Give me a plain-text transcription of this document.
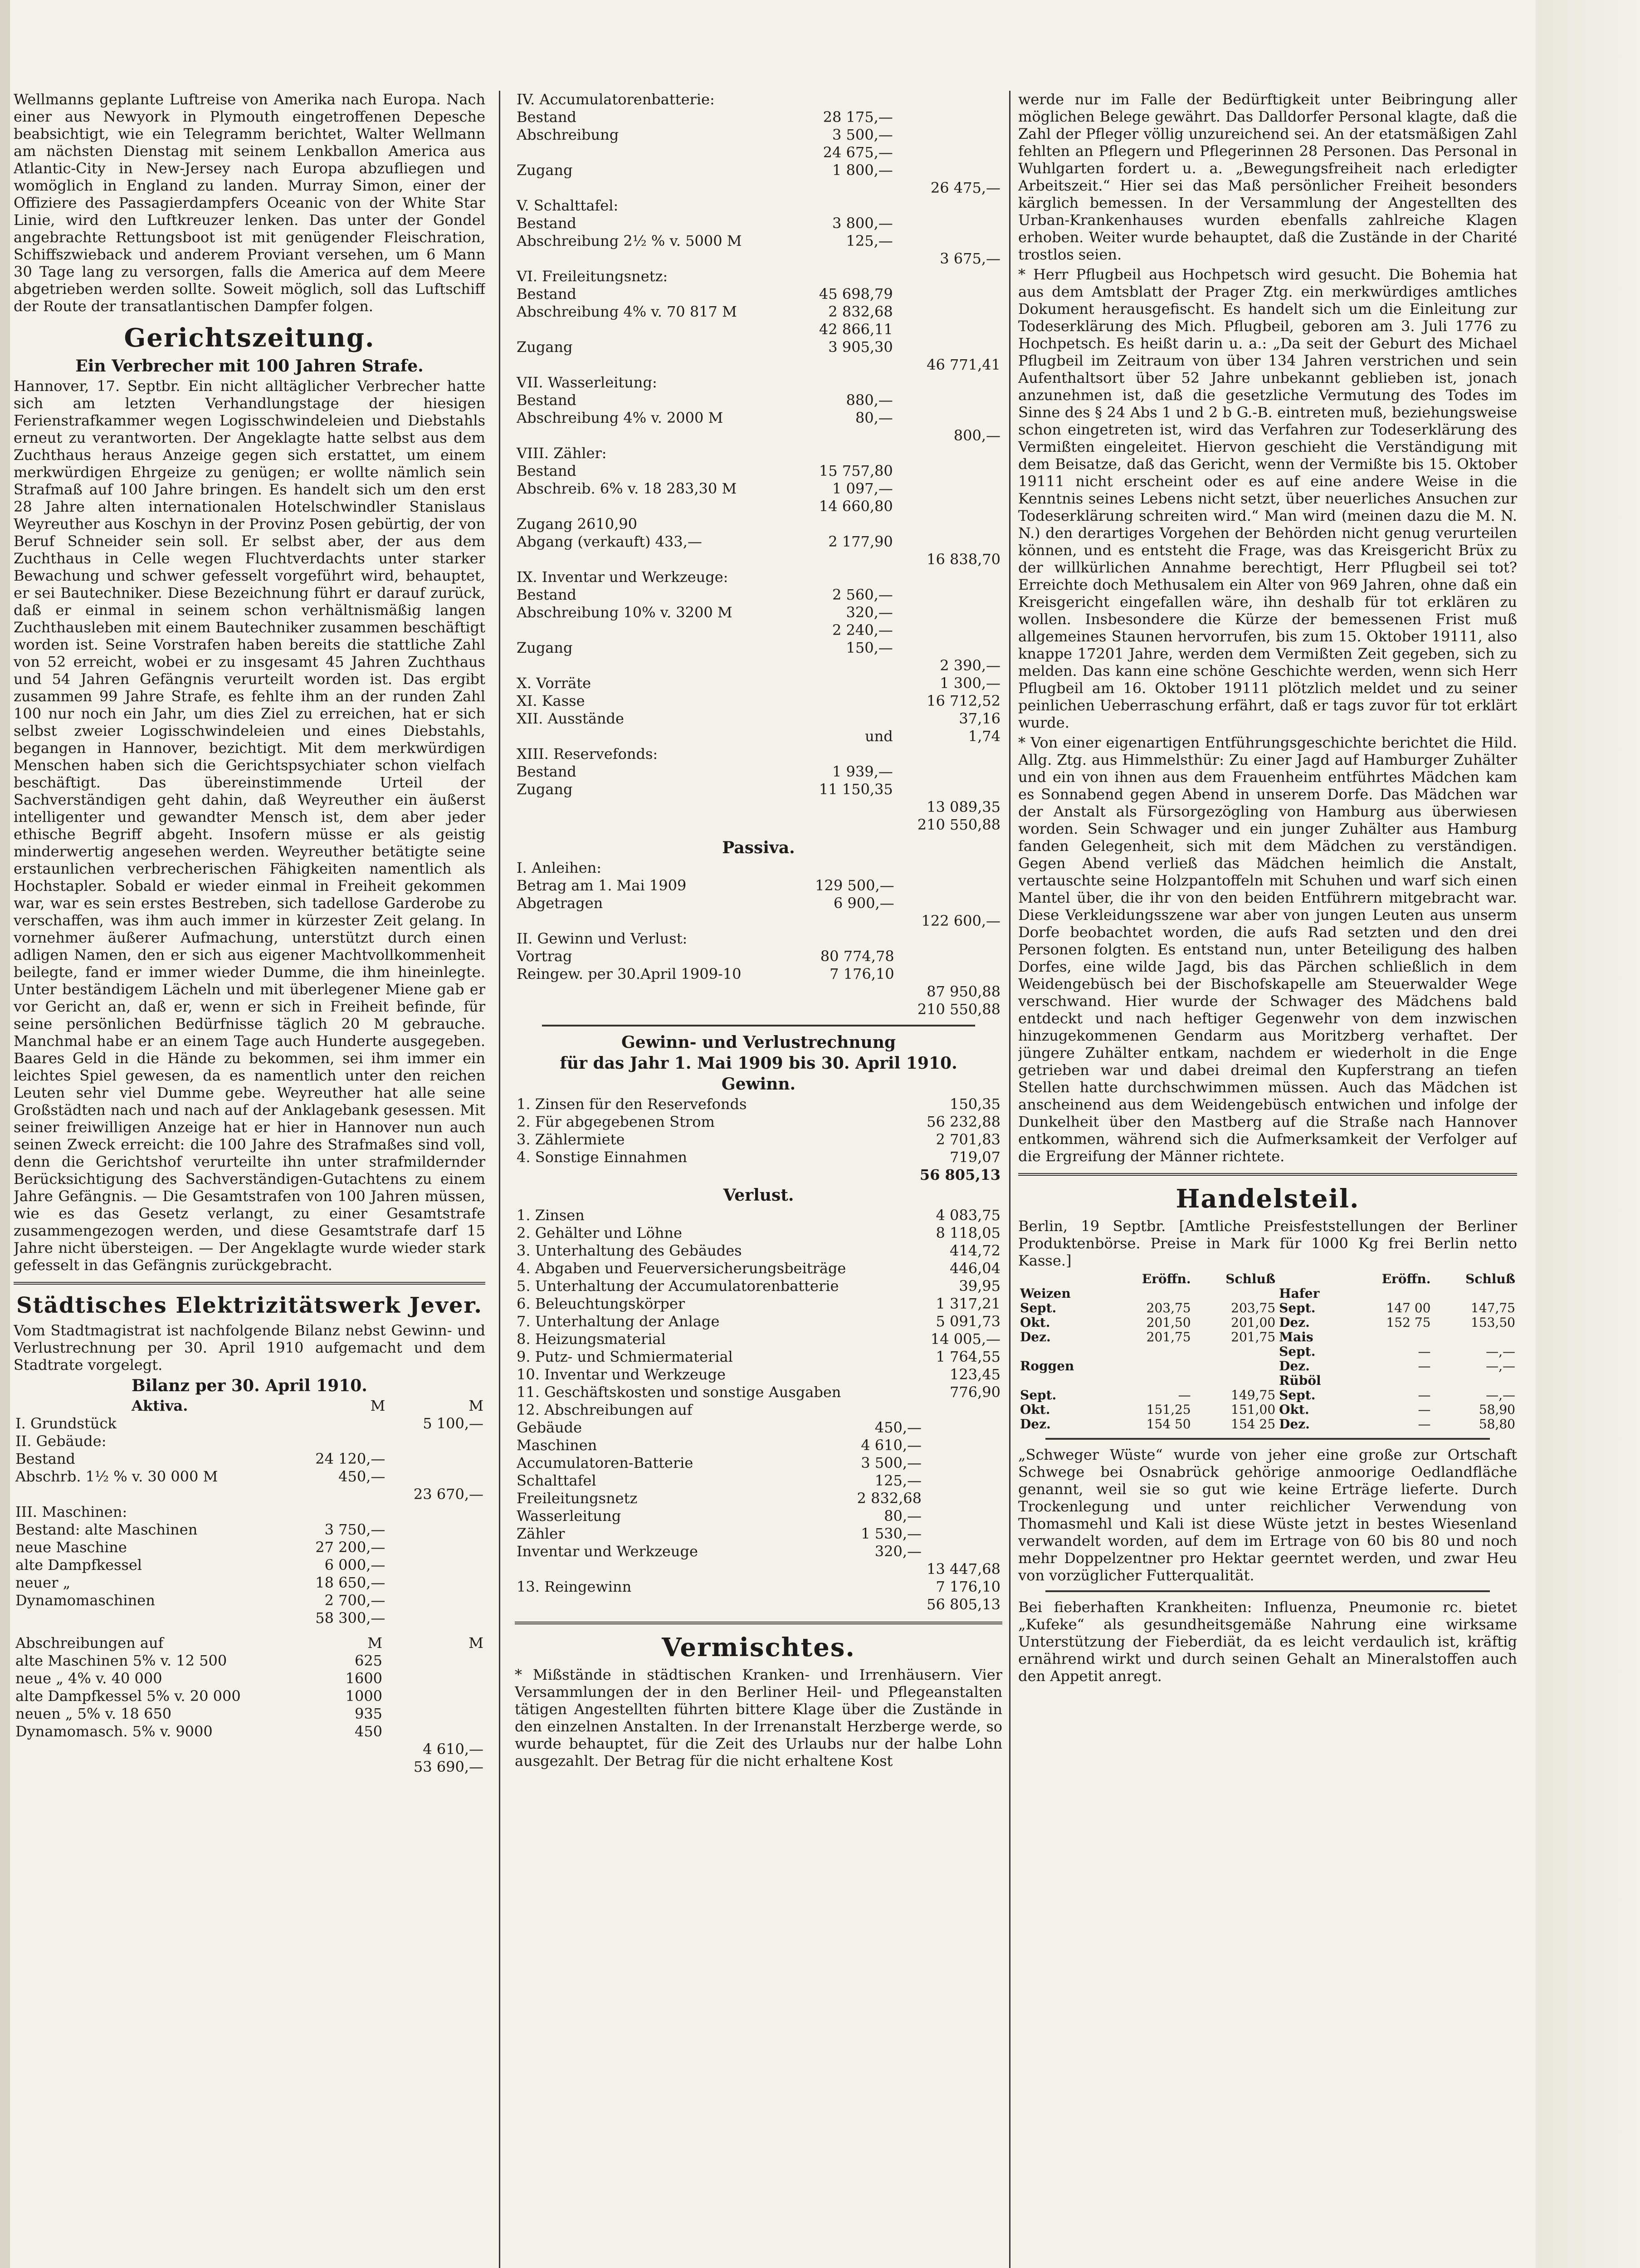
Wellmanns geplante Luftreise von Amerika nach Europa. Nach einer aus Newyork in Plymouth eingetroffenen Depesche beabsichtigt, wie ein Telegramm berichtet, Walter Wellmann am nächsten Dienstag mit seinem Lenkballon America aus Atlantic-City in New-Jersey nach Europa abzufliegen und womöglich in England zu landen. Murray Simon, einer der Offiziere des Passagierdampfers Oceanic von der White Star Linie, wird den Luftkreuzer lenken. Das unter der Gondel angebrachte Rettungsboot ist mit genügender Fleischration, Schiffszwieback und anderem Proviant versehen, um 6 Mann 30 Tage lang zu versorgen, falls die America auf dem Meere abgetrieben werden sollte. Soweit möglich, soll das Luftschiff der Route der transatlantischen Dampfer folgen.

Gerichtszeitung.
Ein Verbrecher mit 100 Jahren Strafe.

Hannover, 17. Septbr. Ein nicht alltäglicher Verbrecher hatte sich am letzten Verhandlungstage der hiesigen Ferienstrafkammer wegen Logisschwindeleien und Diebstahls erneut zu verantworten. Der Angeklagte hatte selbst aus dem Zuchthaus heraus Anzeige gegen sich erstattet, um einem merkwürdigen Ehrgeize zu genügen; er wollte nämlich sein Strafmaß auf 100 Jahre bringen. Es handelt sich um den erst 28 Jahre alten internationalen Hotelschwindler Stanislaus Weyreuther aus Koschyn in der Provinz Posen gebürtig, der von Beruf Schneider sein soll. Er selbst aber, der aus dem Zuchthaus in Celle wegen Fluchtverdachts unter starker Bewachung und schwer gefesselt vorgeführt wird, behauptet, er sei Bautechniker. Diese Bezeichnung führt er darauf zurück, daß er einmal in seinem schon verhältnismäßig langen Zuchthausleben mit einem Bautechniker zusammen beschäftigt worden ist. Seine Vorstrafen haben bereits die stattliche Zahl von 52 erreicht, wobei er zu insgesamt 45 Jahren Zuchthaus und 54 Jahren Gefängnis verurteilt worden ist. Das ergibt zusammen 99 Jahre Strafe, es fehlte ihm an der runden Zahl 100 nur noch ein Jahr, um dies Ziel zu erreichen, hat er sich selbst zweier Logisschwindeleien und eines Diebstahls, begangen in Hannover, bezichtigt. Mit dem merkwürdigen Menschen haben sich die Gerichtspsychiater schon vielfach beschäftigt. Das übereinstimmende Urteil der Sachverständigen geht dahin, daß Weyreuther ein äußerst intelligenter und gewandter Mensch ist, dem aber jeder ethische Begriff abgeht. Insofern müsse er als geistig minderwertig angesehen werden. Weyreuther betätigte seine erstaunlichen verbrecherischen Fähigkeiten namentlich als Hochstapler. Sobald er wieder einmal in Freiheit gekommen war, war es sein erstes Bestreben, sich tadellose Garderobe zu verschaffen, was ihm auch immer in kürzester Zeit gelang. In vornehmer äußerer Aufmachung, unterstützt durch einen adligen Namen, den er sich aus eigener Machtvollkommenheit beilegte, fand er immer wieder Dumme, die ihm hineinlegte. Unter beständigem Lächeln und mit überlegener Miene gab er vor Gericht an, daß er, wenn er sich in Freiheit befinde, für seine persönlichen Bedürfnisse täglich 20 M gebrauche. Manchmal habe er an einem Tage auch Hunderte ausgegeben. Baares Geld in die Hände zu bekommen, sei ihm immer ein leichtes Spiel gewesen, da es namentlich unter den reichen Leuten sehr viel Dumme gebe. Weyreuther hat alle seine Großstädten nach und nach auf der Anklagebank gesessen. Mit seiner freiwilligen Anzeige hat er hier in Hannover nun auch seinen Zweck erreicht: die 100 Jahre des Strafmaßes sind voll, denn die Gerichtshof verurteilte ihn unter strafmildernder Berücksichtigung des Sachverständigen-Gutachtens zu einem Jahre Gefängnis. — Die Gesamtstrafen von 100 Jahren müssen, wie es das Gesetz verlangt, zu einer Gesamtstrafe zusammengezogen werden, und diese Gesamtstrafe darf 15 Jahre nicht übersteigen. — Der Angeklagte wurde wieder stark gefesselt in das Gefängnis zurückgebracht.

Städtisches Elektrizitätswerk Jever.

Vom Stadtmagistrat ist nachfolgende Bilanz nebst Gewinn- und Verlustrechnung per 30. April 1910 aufgemacht und dem Stadtrate vorgelegt.

Bilanz per 30. April 1910.
Aktiva.	M	M
I. Grundstück		5 100,—
II. Gebäude:		
Bestand	24 120,—	
Abschrb. 1½ % v. 30 000 M	450,—	
		23 670,—
III. Maschinen:		
Bestand: alte Maschinen	3 750,—	
neue Maschine	27 200,—	
alte Dampfkessel	6 000,—	
neuer „	18 650,—	
Dynamomaschinen	2 700,—	
	58 300,—	
Abschreibungen auf	M	M
alte Maschinen 5% v. 12 500	625	
neue „ 4% v. 40 000	1600	
alte Dampfkessel 5% v. 20 000	1000	
neuen „ 5% v. 18 650	935	
Dynamomasch. 5% v. 9000	450	
		4 610,—
		53 690,—
IV. Accumulatorenbatterie:		
Bestand	28 175,—	
Abschreibung	3 500,—	
	24 675,—	
Zugang	1 800,—	
		26 475,—
V. Schalttafel:		
Bestand	3 800,—	
Abschreibung 2½ % v. 5000 M	125,—	
		3 675,—
VI. Freileitungsnetz:		
Bestand	45 698,79	
Abschreibung 4% v. 70 817 M	2 832,68	
	42 866,11	
Zugang	3 905,30	
		46 771,41
VII. Wasserleitung:		
Bestand	880,—	
Abschreibung 4% v. 2000 M	80,—	
		800,—
VIII. Zähler:		
Bestand	15 757,80	
Abschreib. 6% v. 18 283,30 M	1 097,—	
	14 660,80	
Zugang 2610,90		
Abgang (verkauft) 433,—	2 177,90	
		16 838,70
IX. Inventar und Werkzeuge:		
Bestand	2 560,—	
Abschreibung 10% v. 3200 M	320,—	
	2 240,—	
Zugang	150,—	
		2 390,—
X. Vorräte		1 300,—
XI. Kasse		16 712,52
XII. Ausstände		37,16
	und	1,74
XIII. Reservefonds:		
Bestand	1 939,—	
Zugang	11 150,35	
		13 089,35
		210 550,88
Passiva.
I. Anleihen:		
Betrag am 1. Mai 1909	129 500,—	
Abgetragen	6 900,—	
		122 600,—
II. Gewinn und Verlust:		
Vortrag	80 774,78	
Reingew. per 30.April 1909-10	7 176,10	
		87 950,88
		210 550,88
Gewinn- und Verlustrechnung
für das Jahr 1. Mai 1909 bis 30. April 1910.
Gewinn.
1. Zinsen für den Reservefonds	150,35
2. Für abgegebenen Strom	56 232,88
3. Zählermiete	2 701,83
4. Sonstige Einnahmen	719,07
	56 805,13
Verlust.
1. Zinsen		4 083,75
2. Gehälter und Löhne		8 118,05
3. Unterhaltung des Gebäudes		414,72
4. Abgaben und Feuerversicherungsbeiträge		446,04
5. Unterhaltung der Accumulatorenbatterie		39,95
6. Beleuchtungskörper		1 317,21
7. Unterhaltung der Anlage		5 091,73
8. Heizungsmaterial		14 005,—
9. Putz- und Schmiermaterial		1 764,55
10. Inventar und Werkzeuge		123,45
11. Geschäftskosten und sonstige Ausgaben		776,90
12. Abschreibungen auf		
Gebäude	450,—	
Maschinen	4 610,—	
Accumulatoren-Batterie	3 500,—	
Schalttafel	125,—	
Freileitungsnetz	2 832,68	
Wasserleitung	80,—	
Zähler	1 530,—	
Inventar und Werkzeuge	320,—	
		13 447,68
13. Reingewinn		7 176,10
		56 805,13
Vermischtes.

* Mißstände in städtischen Kranken- und Irrenhäusern. Vier Versammlungen der in den Berliner Heil- und Pflegeanstalten tätigen Angestellten führten bittere Klage über die Zustände in den einzelnen Anstalten. In der Irrenanstalt Herzberge werde, so wurde behauptet, für die Zeit des Urlaubs nur der halbe Lohn ausgezahlt. Der Betrag für die nicht erhaltene Kost

werde nur im Falle der Bedürftigkeit unter Beibringung aller möglichen Belege gewährt. Das Dalldorfer Personal klagte, daß die Zahl der Pfleger völlig unzureichend sei. An der etatsmäßigen Zahl fehlten an Pflegern und Pflegerinnen 28 Personen. Das Personal in Wuhlgarten fordert u. a. „Bewegungsfreiheit nach erledigter Arbeitszeit.“ Hier sei das Maß persönlicher Freiheit besonders kärglich bemessen. In der Versammlung der Angestellten des Urban-Krankenhauses wurden ebenfalls zahlreiche Klagen erhoben. Weiter wurde behauptet, daß die Zustände in der Charité trostlos seien.

* Herr Pflugbeil aus Hochpetsch wird gesucht. Die Bohemia hat aus dem Amtsblatt der Prager Ztg. ein merkwürdiges amtliches Dokument herausgefischt. Es handelt sich um die Einleitung zur Todeserklärung des Mich. Pflugbeil, geboren am 3. Juli 1776 zu Hochpetsch. Es heißt darin u. a.: „Da seit der Geburt des Michael Pflugbeil im Zeitraum von über 134 Jahren verstrichen und sein Aufenthaltsort über 52 Jahre unbekannt geblieben ist, jonach anzunehmen ist, daß die gesetzliche Vermutung des Todes im Sinne des § 24 Abs 1 und 2 b G.-B. eintreten muß, beziehungsweise schon eingetreten ist, wird das Verfahren zur Todeserklärung des Vermißten eingeleitet. Hiervon geschieht die Verständigung mit dem Beisatze, daß das Gericht, wenn der Vermißte bis 15. Oktober 19111 nicht erscheint oder es auf eine andere Weise in die Kenntnis seines Lebens nicht setzt, über neuerliches Ansuchen zur Todeserklärung schreiten wird.“ Man wird (meinen dazu die M. N. N.) den derartiges Vorgehen der Behörden nicht genug verurteilen können, und es entsteht die Frage, was das Kreisgericht Brüx zu der willkürlichen Annahme berechtigt, Herr Pflugbeil sei tot? Erreichte doch Methusalem ein Alter von 969 Jahren, ohne daß ein Kreisgericht eingefallen wäre, ihn deshalb für tot erklären zu wollen. Insbesondere die Kürze der bemessenen Frist muß allgemeines Staunen hervorrufen, bis zum 15. Oktober 19111, also knappe 17201 Jahre, werden dem Vermißten Zeit gegeben, sich zu melden. Das kann eine schöne Geschichte werden, wenn sich Herr Pflugbeil am 16. Oktober 19111 plötzlich meldet und zu seiner peinlichen Ueberraschung erfährt, daß er tags zuvor für tot erklärt wurde.

* Von einer eigenartigen Entführungsgeschichte berichtet die Hild. Allg. Ztg. aus Himmelsthür: Zu einer Jagd auf Hamburger Zuhälter und ein von ihnen aus dem Frauenheim entführtes Mädchen kam es Sonnabend gegen Abend in unserem Dorfe. Das Mädchen war der Anstalt als Fürsorgezögling von Hamburg aus überwiesen worden. Sein Schwager und ein junger Zuhälter aus Hamburg fanden Gelegenheit, sich mit dem Mädchen zu verständigen. Gegen Abend verließ das Mädchen heimlich die Anstalt, vertauschte seine Holzpantoffeln mit Schuhen und warf sich einen Mantel über, die ihr von den beiden Entführern mitgebracht war. Diese Verkleidungsszene war aber von jungen Leuten aus unserm Dorfe beobachtet worden, die aufs Rad setzten und den drei Personen folgten. Es entstand nun, unter Beteiligung des halben Dorfes, eine wilde Jagd, bis das Pärchen schließlich in dem Weidengebüsch bei der Bischofskapelle am Steuerwalder Wege verschwand. Hier wurde der Schwager des Mädchens bald entdeckt und nach heftiger Gegenwehr von dem inzwischen hinzugekommenen Gendarm aus Moritzberg verhaftet. Der jüngere Zuhälter entkam, nachdem er wiederholt in die Enge getrieben war und dabei dreimal den Kupferstrang an tiefen Stellen hatte durchschwimmen müssen. Auch das Mädchen ist anscheinend aus dem Weidengebüsch entwichen und infolge der Dunkelheit über den Mastberg auf die Straße nach Hannover entkommen, während sich die Aufmerksamkeit der Verfolger auf die Ergreifung der Männer richtete.

Handelsteil.

Berlin, 19 Septbr. [Amtliche Preisfeststellungen der Berliner Produktenbörse. Preise in Mark für 1000 Kg frei Berlin netto Kasse.]

	Eröffn.	Schluß		Eröffn.	Schluß
Weizen			Hafer		
Sept.	203,75	203,75	Sept.	147 00	147,75
Okt.	201,50	201,00	Dez.	152 75	153,50
Dez.	201,75	201,75	Mais		
			Sept.	—	—,—
Roggen			Dez.	—	—,—
			Rüböl		
Sept.	—	149,75	Sept.	—	—,—
Okt.	151,25	151,00	Okt.	—	58,90
Dez.	154 50	154 25	Dez.	—	58,80

„Schweger Wüste“ wurde von jeher eine große zur Ortschaft Schwege bei Osnabrück gehörige anmoorige Oedlandfläche genannt, weil sie so gut wie keine Erträge lieferte. Durch Trockenlegung und unter reichlicher Verwendung von Thomasmehl und Kali ist diese Wüste jetzt in bestes Wiesenland verwandelt worden, auf dem im Ertrage von 60 bis 80 und noch mehr Doppelzentner pro Hektar geerntet werden, und zwar Heu von vorzüglicher Futterqualität.

Bei fieberhaften Krankheiten: Influenza, Pneumonie rc. bietet „Kufeke“ als gesundheitsgemäße Nahrung eine wirksame Unterstützung der Fieberdiät, da es leicht verdaulich ist, kräftig ernährend wirkt und durch seinen Gehalt an Mineralstoffen auch den Appetit anregt.
